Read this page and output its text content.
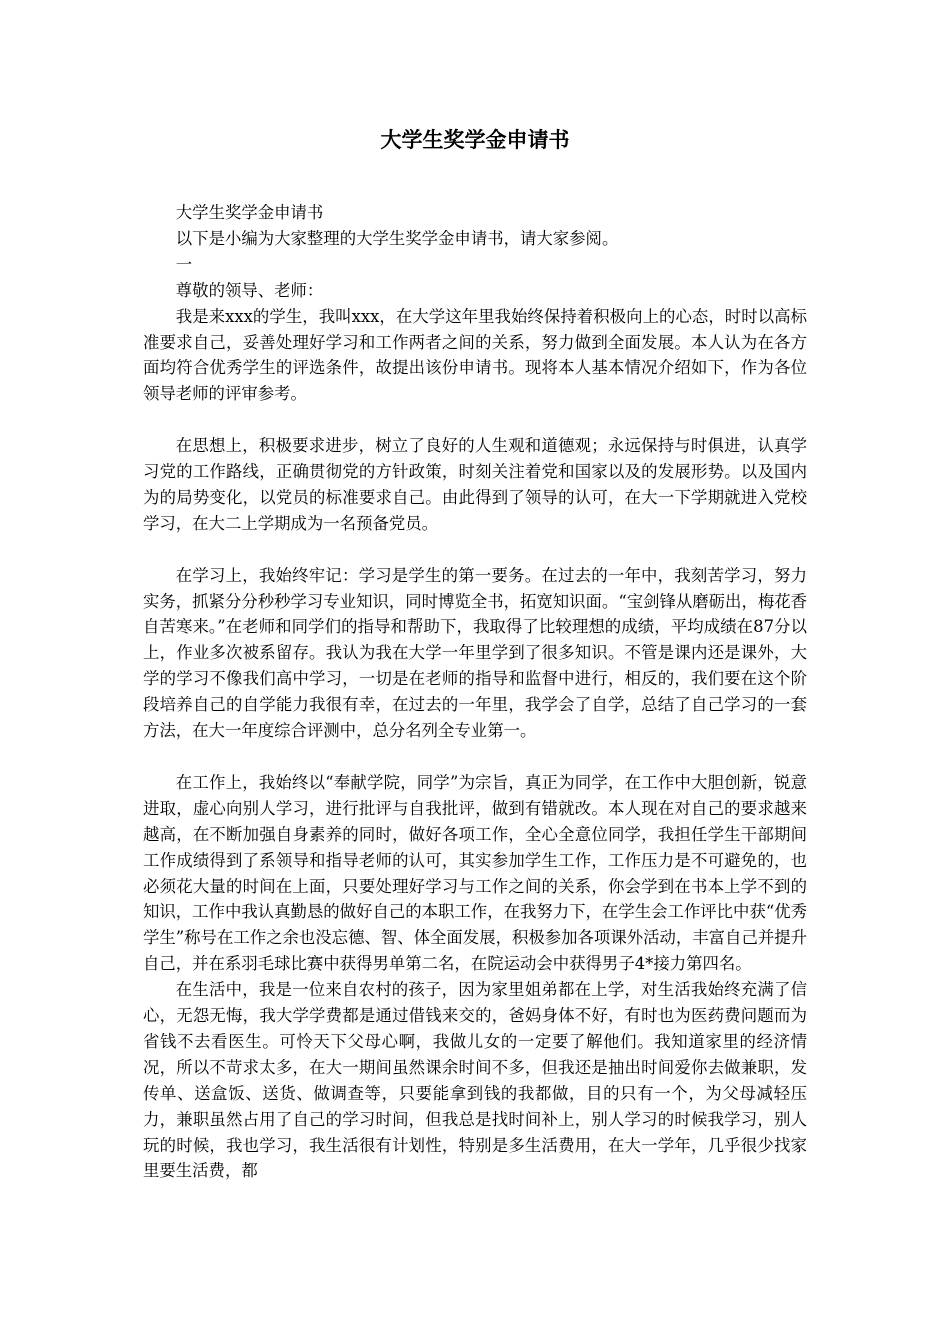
大学生奖学金申请书

大学生奖学金申请书

以下是小编为大家整理的大学生奖学金申请书，请大家参阅。

一

尊敬的领导、老师：

我是来xxx的学生，我叫xxx，在大学这年里我始终保持着积极向上的心态，时时以高标准要求自己，妥善处理好学习和工作两者之间的关系，努力做到全面发展。本人认为在各方面均符合优秀学生的评选条件，故提出该份申请书。现将本人基本情况介绍如下，作为各位领导老师的评审参考。

在思想上，积极要求进步，树立了良好的人生观和道德观；永远保持与时俱进，认真学习党的工作路线，正确贯彻党的方针政策，时刻关注着党和国家以及的发展形势。以及国内为的局势变化，以党员的标准要求自己。由此得到了领导的认可，在大一下学期就进入党校学习，在大二上学期成为一名预备党员。

在学习上，我始终牢记：学习是学生的第一要务。在过去的一年中，我刻苦学习，努力实务，抓紧分分秒秒学习专业知识，同时博览全书，拓宽知识面。“宝剑锋从磨砺出，梅花香自苦寒来。”在老师和同学们的指导和帮助下，我取得了比较理想的成绩，平均成绩在87分以上，作业多次被系留存。我认为我在大学一年里学到了很多知识。不管是课内还是课外，大学的学习不像我们高中学习，一切是在老师的指导和监督中进行，相反的，我们要在这个阶段培养自己的自学能力我很有幸，在过去的一年里，我学会了自学，总结了自己学习的一套方法，在大一年度综合评测中，总分名列全专业第一。

在工作上，我始终以“奉献学院，同学”为宗旨，真正为同学，在工作中大胆创新，锐意进取，虚心向别人学习，进行批评与自我批评，做到有错就改。本人现在对自己的要求越来越高，在不断加强自身素养的同时，做好各项工作，全心全意位同学，我担任学生干部期间工作成绩得到了系领导和指导老师的认可，其实参加学生工作，工作压力是不可避免的，也必须花大量的时间在上面，只要处理好学习与工作之间的关系，你会学到在书本上学不到的知识，工作中我认真勤恳的做好自己的本职工作，在我努力下，在学生会工作评比中获“优秀学生”称号在工作之余也没忘德、智、体全面发展，积极参加各项课外活动，丰富自己并提升自己，并在系羽毛球比赛中获得男单第二名，在院运动会中获得男子4*接力第四名。

在生活中，我是一位来自农村的孩子，因为家里姐弟都在上学，对生活我始终充满了信心，无怨无悔，我大学学费都是通过借钱来交的，爸妈身体不好，有时也为医药费问题而为省钱不去看医生。可怜天下父母心啊，我做儿女的一定要了解他们。我知道家里的经济情况，所以不苛求太多，在大一期间虽然课余时间不多，但我还是抽出时间爱你去做兼职，发传单、送盒饭、送货、做调查等，只要能拿到钱的我都做，目的只有一个，为父母减轻压力，兼职虽然占用了自己的学习时间，但我总是找时间补上，别人学习的时候我学习，别人玩的时候，我也学习，我生活很有计划性，特别是多生活费用，在大一学年，几乎很少找家里要生活费，都
